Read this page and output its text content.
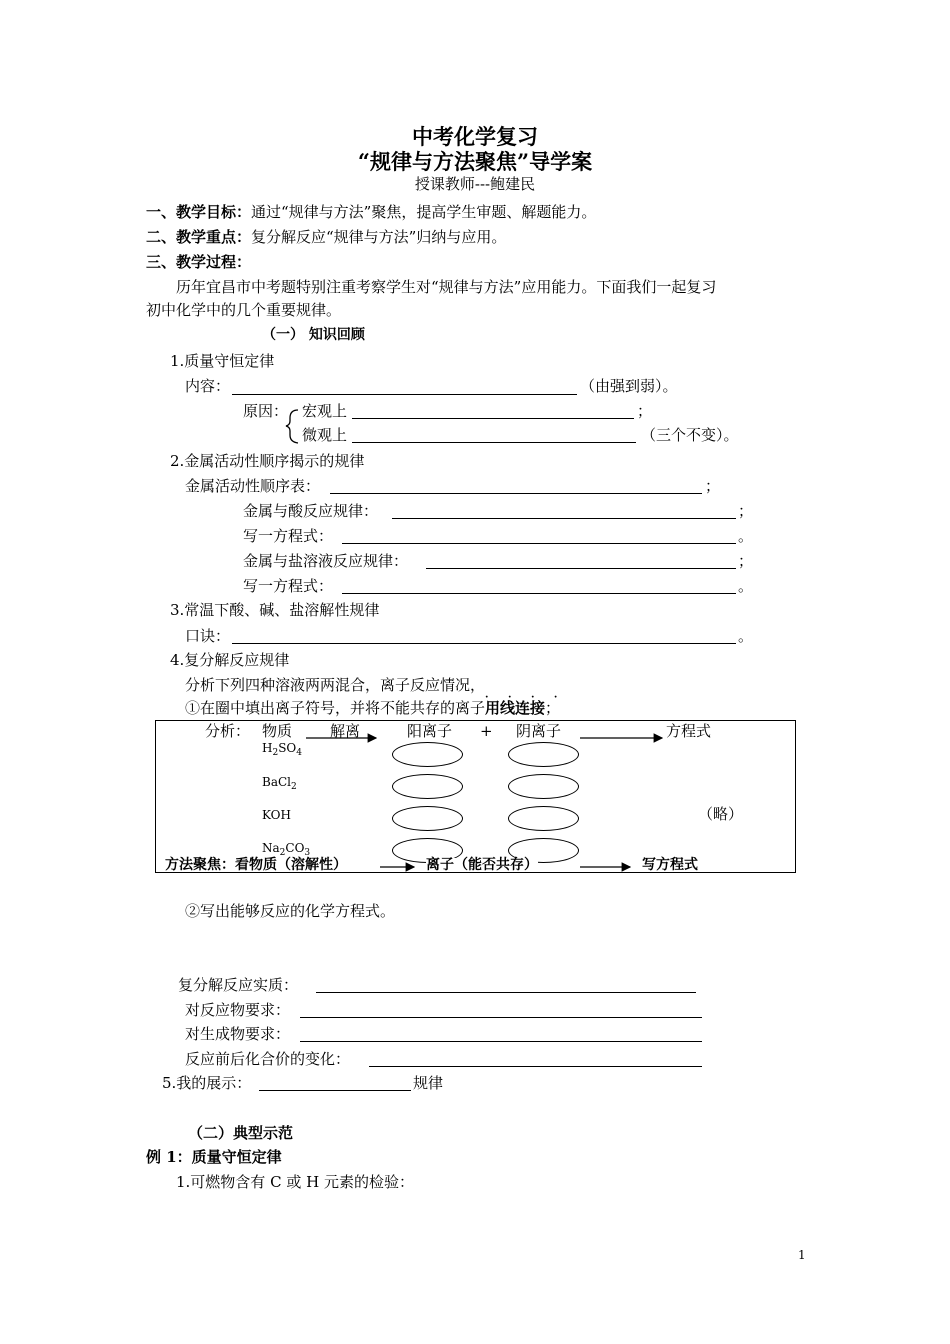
中考化学复习
“规律与方法聚焦”导学案
授课教师---鲍建民
一、教学目标：通过“规律与方法”聚焦，提高学生审题、解题能力。
二、教学重点：复分解反应“规律与方法”归纳与应用。
三、教学过程：
历年宜昌市中考题特别注重考察学生对“规律与方法”应用能力。下面我们一起复习
初中化学中的几个重要规律。
（一） 知识回顾
1.质量守恒定律
内容：	（由强到弱）。
原因： 宏观上	；
微观上	（三个不变）。
2.金属活动性顺序揭示的规律
金属活动性顺序表：	；
金属与酸反应规律：	；
写一方程式：	。
金属与盐溶液反应规律：	；
写一方程式：	。
3.常温下酸、碱、盐溶解性规律
口诀：	。
4.复分解反应规律
分析下列四种溶液两两混合，离子反应情况，
①在圈中填出离子符号，并将不能共存的离子用线连接
· · · ·
；
分析： 物质	解离	阳离子 + 阴离子	方程式
$H_2SO_4$
BaCl$_2$
KOH
$Na_2CO_3$
（略）
方法聚焦：看物质（溶解性）	离子（能否共存）	写方程式
②写出能够反应的化学方程式。
复分解反应实质：
对反应物要求：
对生成物要求：
反应前后化合价的变化：
5.我的展示：	规律
（二）典型示范
例 1：质量守恒定律
1.可燃物含有 C 或 H 元素的检验：
1
